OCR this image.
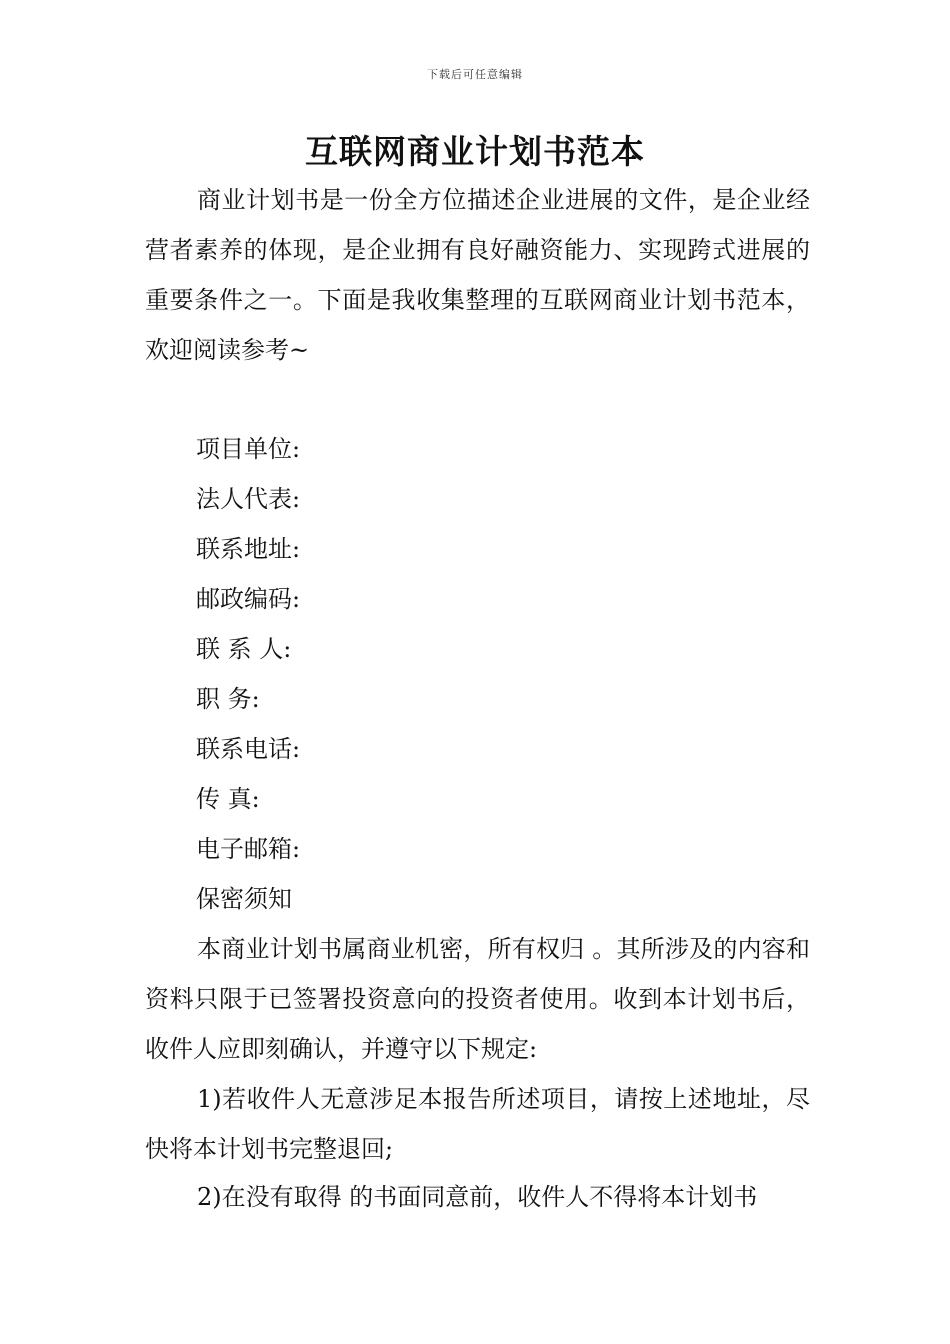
下载后可任意编辑
互联网商业计划书范本

商业计划书是一份全方位描述企业进展的文件，是企业经营者素养的体现，是企业拥有良好融资能力、实现跨式进展的重要条件之一。下面是我收集整理的互联网商业计划书范本，欢迎阅读参考~

项目单位:
法人代表:
联系地址:
邮政编码:
联 系 人:
职 务:
联系电话:
传 真:
电子邮箱:
保密须知

本商业计划书属商业机密，所有权归 。其所涉及的内容和资料只限于已签署投资意向的投资者使用。收到本计划书后，收件人应即刻确认，并遵守以下规定:

1)若收件人无意涉足本报告所述项目，请按上述地址，尽快将本计划书完整退回;

2)在没有取得 的书面同意前，收件人不得将本计划书
